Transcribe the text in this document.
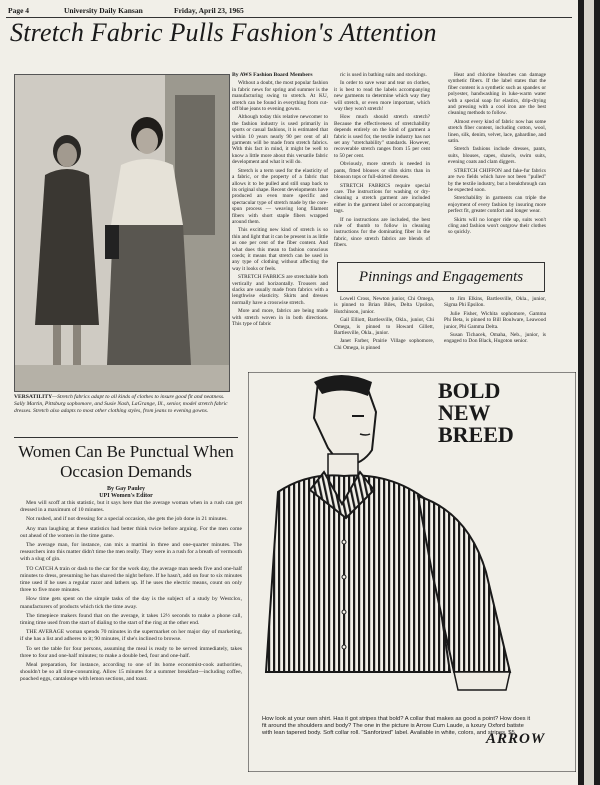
Page 4	University Daily Kansan	Friday, April 23, 1965
Stretch Fabric Pulls Fashion's Attention
VERSATILITY—Stretch fabrics adapt to all kinds of clothes to insure good fit and neatness. Sally Martin, Pittsburg sophomore, and Susie Nash, LaGrange, Ill., senior, model stretch fabric dresses. Stretch also adapts to most other clothing styles, from jeans to evening gowns.

By AWS Fashion Board Members

Without a doubt, the most popular fashion in fabric news for spring and summer is the manufacturing swing to stretch. At KU, stretch can be found in everything from cut-off blue jeans to evening gowns.

Although today this relative newcomer to the fashion industry is used primarily in sports or casual fashions, it is estimated that within 10 years nearly 90 per cent of all garments will be made from stretch fabrics. With this fact in mind, it might be well to know a little more about this versatile fabric development and what it will do.

Stretch is a term used for the elasticity of a fabric, or the property of a fabric that allows it to be pulled and still snap back to its original shape. Recent developments have produced an even more specific and spectacular type of stretch made by the core-spun process — weaving long filament fibers with short staple fibers wrapped around them.

This exciting new kind of stretch is so thin and light that it can be present in as little as one per cent of the fiber content. And what does this mean to fashion conscious coeds; it means that stretch can be used in any type of clothing without affecting the way it looks or feels.

STRETCH FABRICS are stretchable both vertically and horizontally. Trousers and slacks are usually made from fabrics with a lengthwise elasticity. Skirts and dresses normally have a crosswise stretch.

More and more, fabrics are being made with stretch woven in in both directions. This type of fabric

ric is used in bathing suits and stockings.

In order to save wear and tear on clothes, it is best to read the labels accompanying new garments to determine which way they will stretch, or even more important, which way they won't stretch!

How much should stretch stretch? Because the effectiveness of stretchability depends entirely on the kind of garment a fabric is used for, the textile industry has not set any "stretchability" standards. However, recoverable stretch ranges from 15 per cent to 50 per cent.

Obviously, more stretch is needed in pants, fitted blouses or slim skirts than in blouson tops or full-skirted dresses.

STRETCH FABRICS require special care. The instructions for washing or dry-cleaning a stretch garment are included either in the garment label or accompanying tags.

If no instructions are included, the best rule of thumb to follow in cleaning instructions for the dominating fiber in the fabric, since stretch fabrics are blends of fibers.

Heat and chlorine bleaches can damage synthetic fibers. If the label states that the fiber content is a synthetic such as spandex or polyester, handwashing in luke-warm water with a special soap for elastics, drip-drying and pressing with a cool iron are the best cleaning methods to follow.

Almost every kind of fabric now has some stretch fiber content, including cotton, wool, linen, silk, denim, velvet, lace, gabardine, and satin.

Stretch fashions include dresses, pants, suits, blouses, capes, shawls, swim suits, evening coats and clam diggers.

STRETCH CHIFFON and fake-fur fabrics are two fields which have not been "pulled" by the textile industry, but a breakthrough can be expected soon.

Stretchability in garments can triple the enjoyment of every fashion by insuring more perfect fit, greater comfort and longer wear.

Skirts will no longer ride up, suits won't cling and fashion won't outgrow their clothes so quickly.

Pinnings and Engagements

Lowell Cross, Newton junior, Chi Omega, is pinned to Brian Biles, Delta Upsilon, Hutchinson, junior.

Gail Elliott, Bartlesville, Okla., junior, Chi Omega, is pinned to Howard Gillett, Bartlesville, Okla., junior.

Janet Farber, Prairie Village sophomore, Chi Omega, is pinned

to Jim Elkins, Bartlesville, Okla., junior, Sigma Phi Epsilon.

Julie Fisher, Wichita sophomore, Gamma Phi Beta, is pinned to Bill Boulware, Leawood junior, Phi Gamma Delta.

Susan Tichacek, Omaha, Neb., junior, is engaged to Don Black, Hugoton senior.

Women Can Be Punctual When Occasion Demands
By Gay Pauley
UPI Women's Editor

Men will scoff at this statistic, but it says here that the average woman when in a rush can get dressed in a maximum of 10 minutes.

Not rushed, and if not dressing for a special occasion, she gets the job done in 21 minutes.

Any man laughing at these statistics had better think twice before arguing. For the men come out ahead of the women in the time game.

The average man, for instance, can mix a martini in three and one-quarter minutes. The researchers into this matter didn't time the men really. They were in a rush for a breath of vermouth with a slug of gin.

TO CATCH A train or dash to the car for the work day, the average man needs five and one-half minutes to dress, presuming he has shaved the night before. If he hasn't, add on four to six minutes time used if he uses a regular razor and lathers up. If he uses the electric means, count on only three to five more minutes.

How time gets spent on the simple tasks of the day is the subject of a study by Westclox, manufacturers of products which tick the time away.

The timepiece makers found that on the average, it takes 12½ seconds to make a phone call, timing time used from the start of dialing to the start of the ring at the other end.

THE AVERAGE woman spends 70 minutes in the supermarket on her major day of marketing, if she has a list and adheres to it; 90 minutes, if she's inclined to browse.

To set the table for four persons, assuming the meal is ready to be served immediately, takes three to four and one-half minutes; to make a double bed, four and one-half.

Meal preparation, for instance, according to one of its home economist-cook authorities, shouldn't be so all time-consuming. Allow 15 minutes for a summer breakfast—including coffee, poached eggs, cantaloupe with lemon sections, and toast.

BOLD
NEW
BREED
How look at your own shirt. Has it got stripes that bold? A collar that makes as good a point? How does it fit around the shoulders and body? The one in the picture is Arrow Cum Laude, a luxury Oxford batiste with lean tapered body. Soft collar roll. "Sanforized" label. Available in white, colors, and stripes. $5.
ARROW
